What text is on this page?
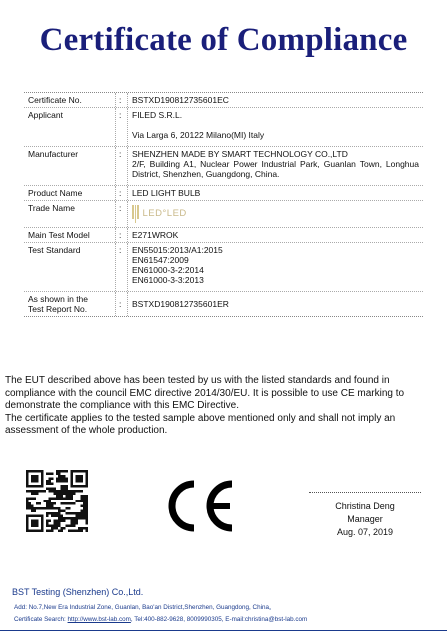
Certificate of Compliance
Certificate No.	:	BSTXD190812735601EC
Applicant	:	FILED S.R.L.
Via Larga 6, 20122 Milano(MI) Italy
Manufacturer	:	SHENZHEN MADE BY SMART TECHNOLOGY CO.,LTD
2/F, Building A1, Nuclear Power Industrial Park, Guanlan Town, Longhua District, Shenzhen, Guangdong, China.
Product Name	:	LED LIGHT BULB
Trade Name	:	LED°LED
Main Test Model	:	E271WROK
Test Standard	:	EN55015:2013/A1:2015
EN61547:2009
EN61000-3-2:2014
EN61000-3-3:2013
As shown in the
Test Report No.	:	BSTXD190812735601ER

The EUT described above has been tested by us with the listed standards and found in compliance with the council EMC directive 2014/30/EU. It is possible to use CE marking to demonstrate the compliance with this EMC Directive.

The certificate applies to the tested sample above mentioned only and shall not imply an assessment of the whole production.

Christina Deng
Manager
Aug. 07, 2019
BST Testing (Shenzhen) Co.,Ltd.
Add: No.7,New Era Industrial Zone, Guanlan, Bao'an District,Shenzhen, Guangdong, China。
Certificate Search: http://www.bst-lab.com, Tel:400-882-9628, 8009990305, E-mail:christina@bst-lab.com
